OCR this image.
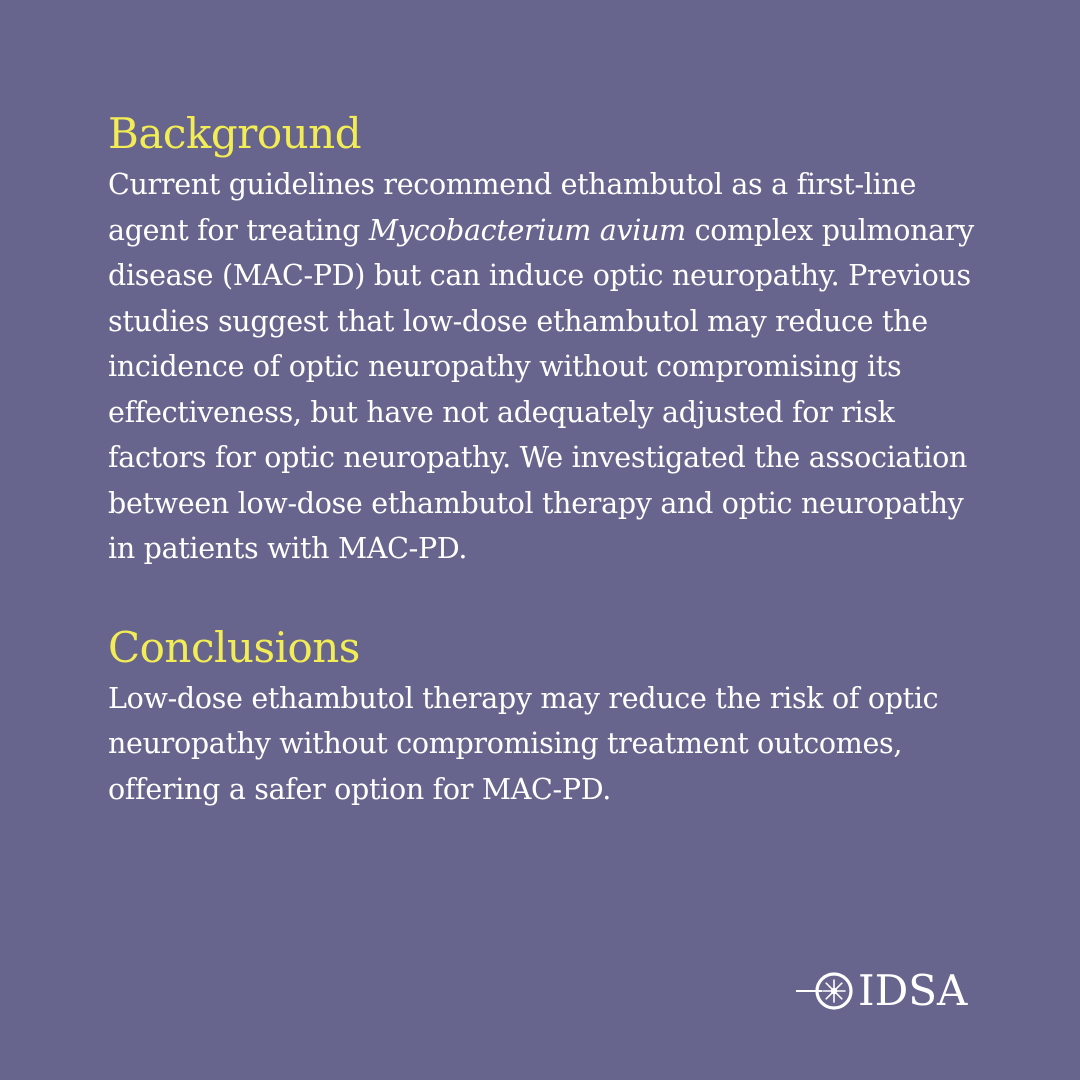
Background

Current guidelines recommend ethambutol as a first-line agent for treating Mycobacterium avium complex pulmonary disease (MAC-PD) but can induce optic neuropathy. Previous studies suggest that low-dose ethambutol may reduce the incidence of optic neuropathy without compromising its effectiveness, but have not adequately adjusted for risk factors for optic neuropathy. We investigated the association between low-dose ethambutol therapy and optic neuropathy in patients with MAC-PD.

Conclusions

Low-dose ethambutol therapy may reduce the risk of optic neuropathy without compromising treatment outcomes, offering a safer option for MAC-PD.

IDSA
